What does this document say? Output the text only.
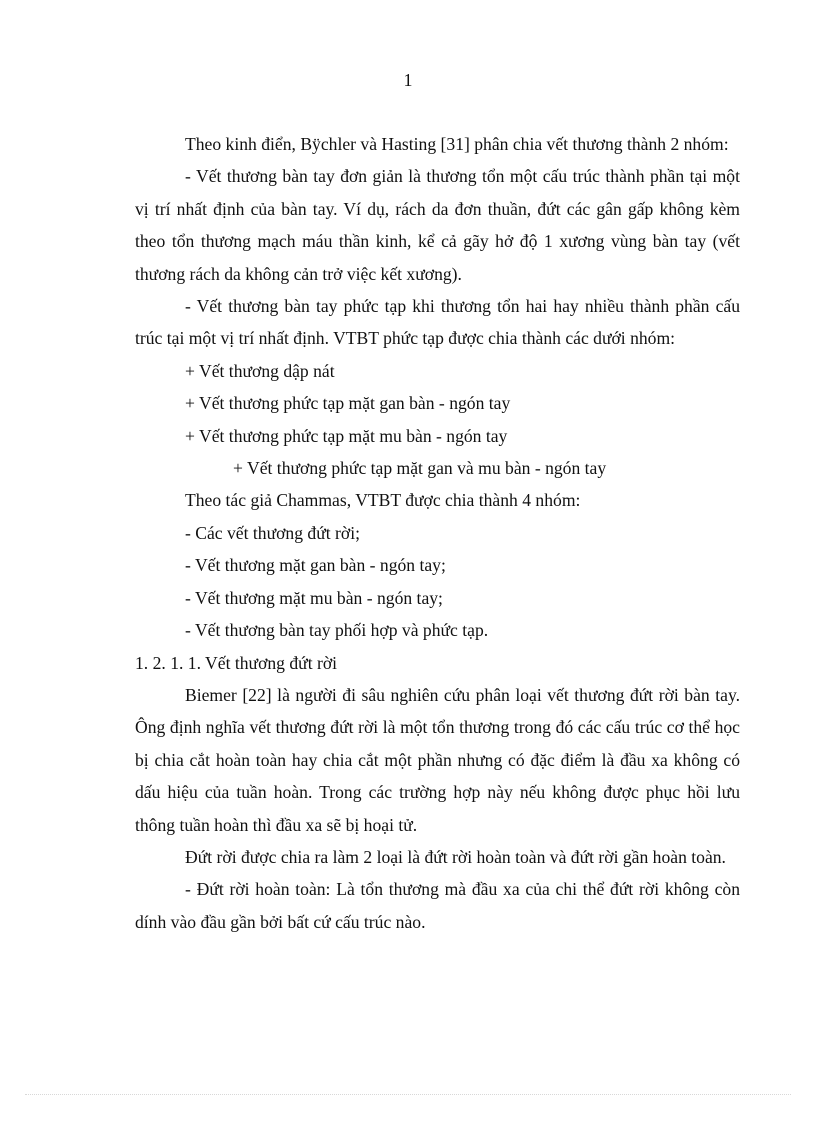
1

Theo kinh điển, Bÿchler và Hasting [31] phân chia vết thương thành 2 nhóm:

- Vết thương bàn tay đơn giản là thương tổn một cấu trúc thành phần tại một vị trí nhất định của bàn tay. Ví dụ, rách da đơn thuần, đứt các gân gấp không kèm theo tổn thương mạch máu thần kinh, kể cả gãy hở độ 1 xương vùng bàn tay (vết thương rách da không cản trở việc kết xương).

- Vết thương bàn tay phức tạp khi thương tổn hai hay nhiều thành phần cấu trúc tại một vị trí nhất định. VTBT phức tạp được chia thành các dưới nhóm:

+ Vết thương dập nát

+ Vết thương phức tạp mặt gan bàn - ngón tay

+ Vết thương phức tạp mặt mu bàn - ngón tay

+ Vết thương phức tạp mặt gan và mu bàn - ngón tay

Theo tác giả Chammas, VTBT được chia thành 4 nhóm:

- Các vết thương đứt rời;

- Vết thương mặt gan bàn - ngón tay;

- Vết thương mặt mu bàn - ngón tay;

- Vết thương bàn tay phối hợp và phức tạp.

1. 2. 1. 1. Vết thương đứt rời

Biemer [22] là người đi sâu nghiên cứu phân loại vết thương đứt rời bàn tay. Ông định nghĩa vết thương đứt rời là một tổn thương trong đó các cấu trúc cơ thể học bị chia cắt hoàn toàn hay chia cắt một phần nhưng có đặc điểm là đầu xa không có dấu hiệu của tuần hoàn. Trong các trường hợp này nếu không được phục hồi lưu thông tuần hoàn thì đầu xa sẽ bị hoại tử.

Đứt rời được chia ra làm 2 loại là đứt rời hoàn toàn và đứt rời gần hoàn toàn.

- Đứt rời hoàn toàn: Là tổn thương mà đầu xa của chi thể đứt rời không còn dính vào đầu gần bởi bất cứ cấu trúc nào.
